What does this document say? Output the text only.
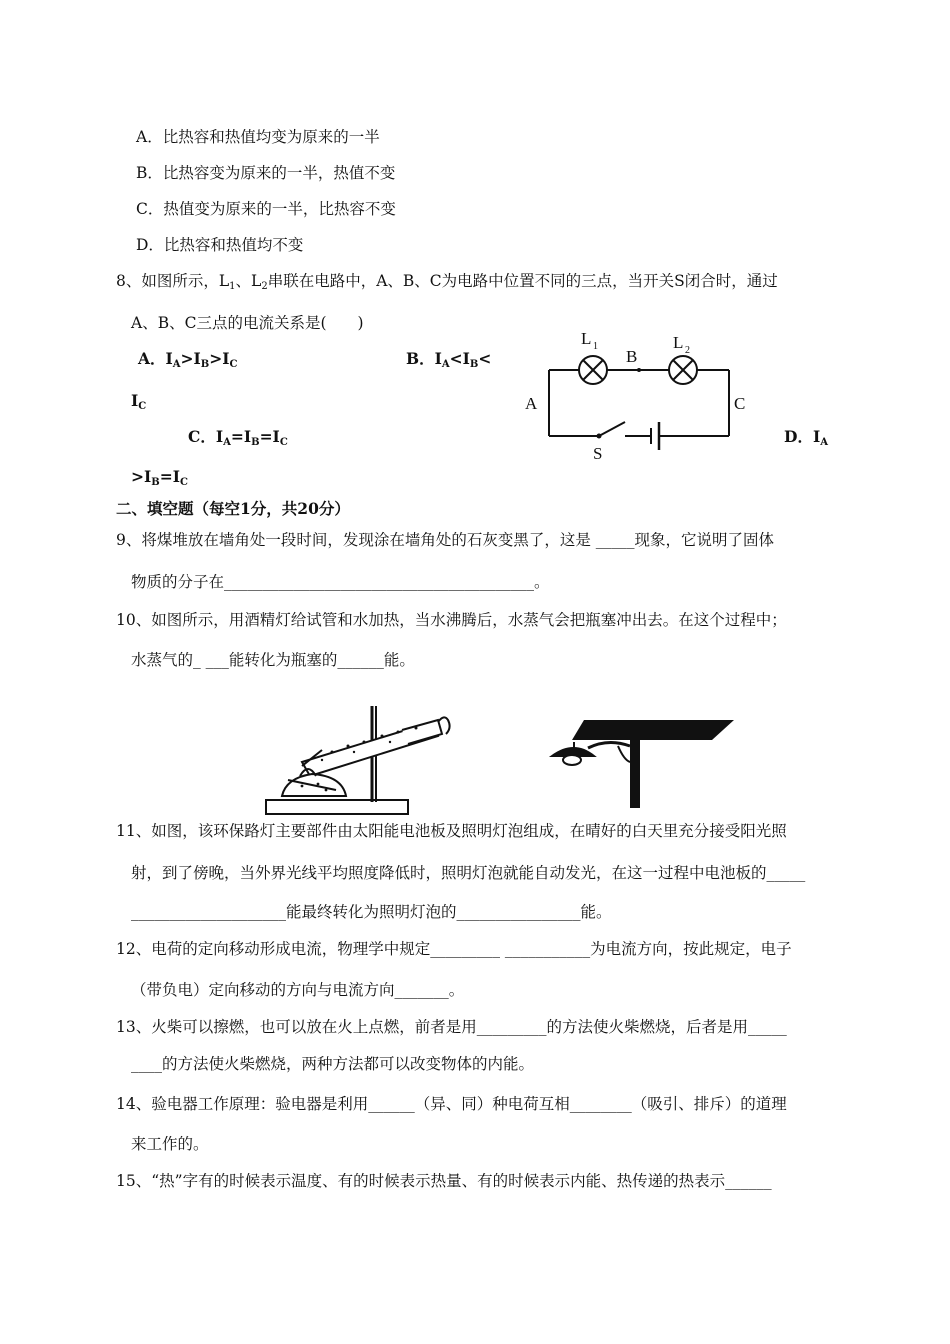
A．比热容和热值均变为原来的一半
B．比热容变为原来的一半，热值不变
C．热值变为原来的一半，比热容不变
D．比热容和热值均不变
8、如图所示，$L_1$、$L_2$串联在电路中，A、B、C为电路中位置不同的三点，当开关S闭合时，通过
A、B、C三点的电流关系是(　　)
A．$I_A>I_B>I_C$	B．$I_A<I_B<$
$I_C$
C．$I_A=I_B=I_C$	D．$I_A$
$>I_B=I_C$
L 1	L 2
B
A	C
S
二、填空题（每空1分，共20分）
9、将煤堆放在墙角处一段时间，发现涂在墙角处的石灰变黑了，这是 _____现象，它说明了固体
物质的分子在________________________________________。
10、如图所示，用酒精灯给试管和水加热，当水沸腾后，水蒸气会把瓶塞冲出去。在这个过程中；
水蒸气的_ ___能转化为瓶塞的______能。
11、如图，该环保路灯主要部件由太阳能电池板及照明灯泡组成，在晴好的白天里充分接受阳光照
射，到了傍晚，当外界光线平均照度降低时，照明灯泡就能自动发光，在这一过程中电池板的_____
____________________能最终转化为照明灯泡的________________能。
12、电荷的定向移动形成电流，物理学中规定_________ ___________为电流方向，按此规定，电子
（带负电）定向移动的方向与电流方向_______。
13、火柴可以擦燃，也可以放在火上点燃，前者是用_________的方法使火柴燃烧，后者是用_____
____的方法使火柴燃烧，两种方法都可以改变物体的内能。
14、验电器工作原理：验电器是利用______（异、同）种电荷互相________（吸引、排斥）的道理
来工作的。
15、“热”字有的时候表示温度、有的时候表示热量、有的时候表示内能、热传递的热表示______
